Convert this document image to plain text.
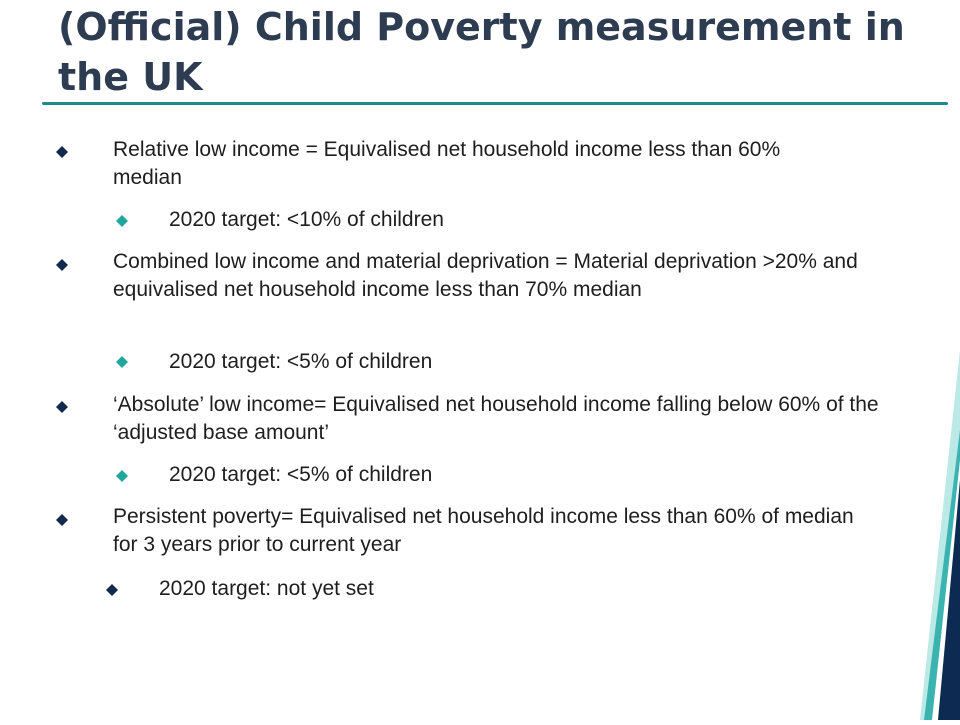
(Official) Child Poverty measurement in the UK
Relative low income = Equivalised net household income less than 60% median
2020 target: <10% of children
Combined low income and material deprivation = Material deprivation >20% and equivalised net household income less than 70% median
2020 target: <5% of children
‘Absolute’ low income= Equivalised net household income falling below 60% of the ‘adjusted base amount’
2020 target: <5% of children
Persistent poverty= Equivalised net household income less than 60% of median for 3 years prior to current year
2020 target: not yet set
